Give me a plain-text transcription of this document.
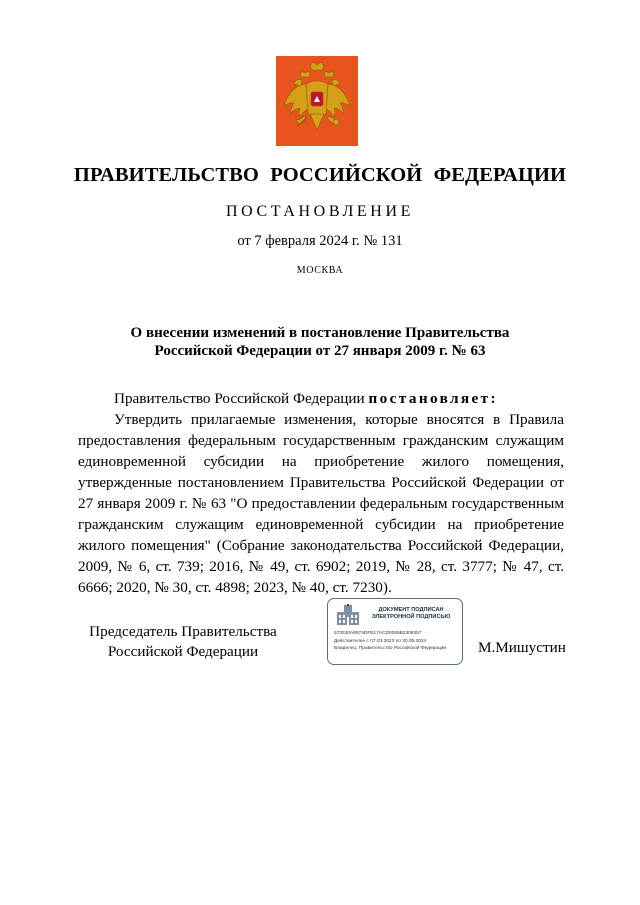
ПРАВИТЕЛЬСТВО РОССИЙСКОЙ ФЕДЕРАЦИИ
ПОСТАНОВЛЕНИЕ
от 7 февраля 2024 г. № 131
МОСКВА
О внесении изменений в постановление Правительства
Российской Федерации от 27 января 2009 г. № 63
Правительство Российской Федерации постановляет:
Утвердить прилагаемые изменения, которые вносятся в Правила предоставления федеральным государственным гражданским служащим единовременной субсидии на приобретение жилого помещения, утвержденные постановлением Правительства Российской Федерации от 27 января 2009 г. № 63 "О предоставлении федеральным государственным гражданским служащим единовременной субсидии на приобретение жилого помещения" (Собрание законодательства Российской Федерации, 2009, № 6, ст. 739; 2016, № 49, ст. 6902; 2019, № 28, ст. 3777; № 47, ст. 6666; 2020, № 30, ст. 4898; 2023, № 40, ст. 7230).
Председатель Правительства
Российской Федерации
ДОКУМЕНТ ПОДПИСАН
ЭЛЕКТРОННОЙ ПОДПИСЬЮ
572530A6974DFB17ACD0089B2309357
Действителен с 07.03.2023 по 30.05.2024
Владелец: Правительство Российской Федерации	М.Мишустин
